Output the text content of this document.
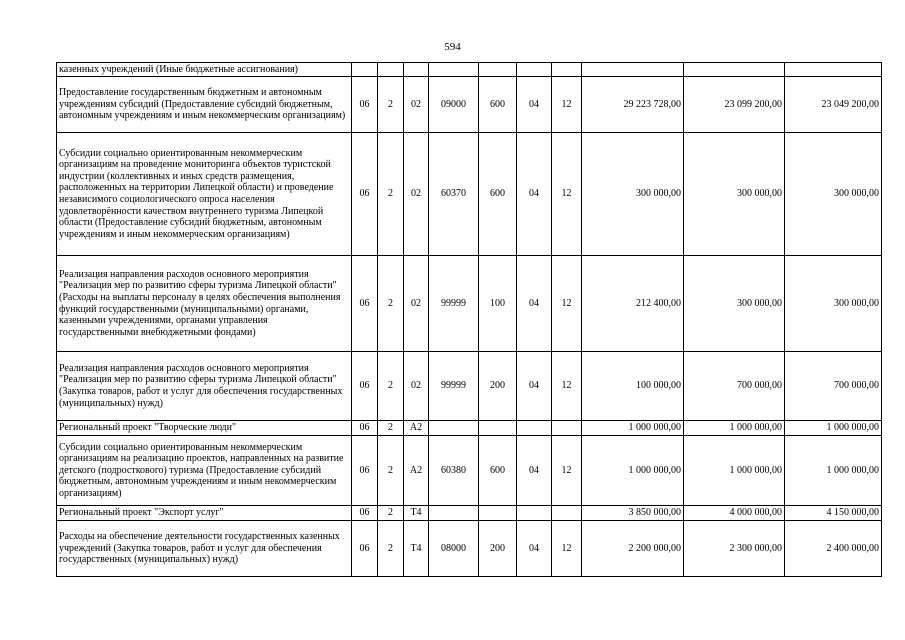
594
казенных учреждений (Иные бюджетные ассигнования)										
Предоставление государственным бюджетным и автономным учреждениям субсидий (Предоставление субсидий бюджетным, автономным учреждениям и иным некоммерческим организациям)	06	2	02	09000	600	04	12	29 223 728,00	23 099 200,00	23 049 200,00
Субсидии социально ориентированным некоммерческим организациям на проведение мониторинга объектов туристской индустрии (коллективных и иных средств размещения, расположенных на территории Липецкой области) и проведение независимого социологического опроса населения удовлетворённости качеством внутреннего туризма Липецкой области (Предоставление субсидий бюджетным, автономным учреждениям и иным некоммерческим организациям)	06	2	02	60370	600	04	12	300 000,00	300 000,00	300 000,00
Реализация направления расходов основного мероприятия "Реализация мер по развитию сферы туризма Липецкой области" (Расходы на выплаты персоналу в целях обеспечения выполнения функций государственными (муниципальными) органами, казенными учреждениями, органами управления государственными внебюджетными фондами)	06	2	02	99999	100	04	12	212 400,00	300 000,00	300 000,00
Реализация направления расходов основного мероприятия "Реализация мер по развитию сферы туризма Липецкой области" (Закупка товаров, работ и услуг для обеспечения государственных (муниципальных) нужд)	06	2	02	99999	200	04	12	100 000,00	700 000,00	700 000,00
Региональный проект "Творческие люди"	06	2	A2					1 000 000,00	1 000 000,00	1 000 000,00
Субсидии социально ориентированным некоммерческим организациям на реализацию проектов, направленных на развитие детского (подросткового) туризма (Предоставление субсидий бюджетным, автономным учреждениям и иным некоммерческим организациям)	06	2	A2	60380	600	04	12	1 000 000,00	1 000 000,00	1 000 000,00
Региональный проект "Экспорт услуг"	06	2	T4					3 850 000,00	4 000 000,00	4 150 000,00
Расходы на обеспечение деятельности государственных казенных учреждений (Закупка товаров, работ и услуг для обеспечения государственных (муниципальных) нужд)	06	2	T4	08000	200	04	12	2 200 000,00	2 300 000,00	2 400 000,00
